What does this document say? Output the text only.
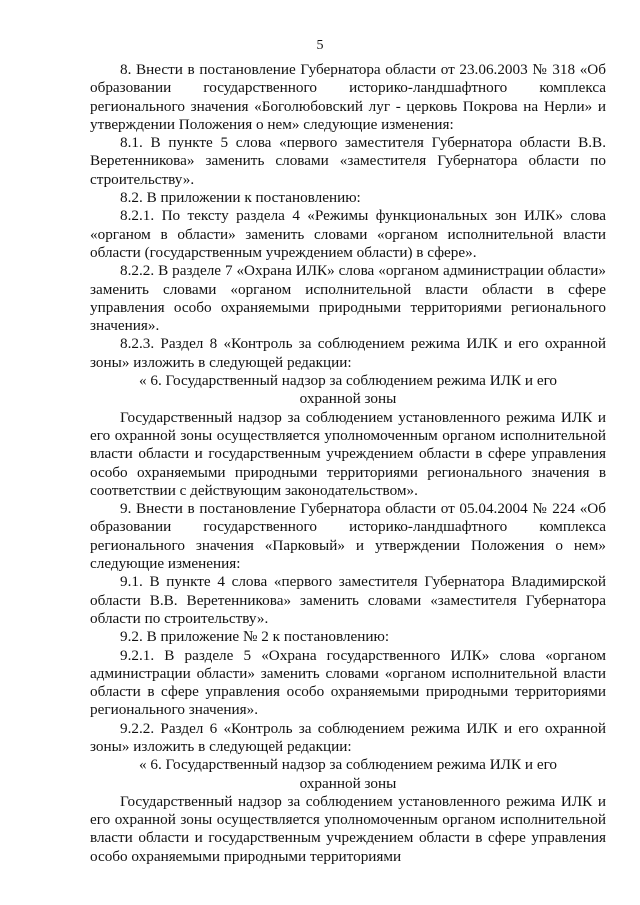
5

8. Внести в постановление Губернатора области от 23.06.2003 № 318 «Об образовании государственного историко-ландшафтного комплекса регионального значения «Боголюбовский луг - церковь Покрова на Нерли» и утверждении Положения о нем» следующие изменения:

8.1. В пункте 5 слова «первого заместителя Губернатора области В.В. Веретенникова» заменить словами «заместителя Губернатора области по строительству».

8.2. В приложении к постановлению:

8.2.1. По тексту раздела 4 «Режимы функциональных зон ИЛК» слова «органом в области» заменить словами «органом исполнительной власти области (государственным учреждением области) в сфере».

8.2.2. В разделе 7 «Охрана ИЛК» слова «органом администрации области» заменить словами «органом исполнительной власти области в сфере управления особо охраняемыми природными территориями регионального значения».

8.2.3. Раздел 8 «Контроль за соблюдением режима ИЛК и его охранной зоны» изложить в следующей редакции:

« 6. Государственный надзор за соблюдением режима ИЛК и его

охранной зоны

Государственный надзор за соблюдением установленного режима ИЛК и его охранной зоны осуществляется уполномоченным органом исполнительной власти области и государственным учреждением области в сфере управления особо охраняемыми природными территориями регионального значения в соответствии с действующим законодательством».

9. Внести в постановление Губернатора области от 05.04.2004 № 224 «Об образовании государственного историко-ландшафтного комплекса регионального значения «Парковый» и утверждении Положения о нем» следующие изменения:

9.1. В пункте 4 слова «первого заместителя Губернатора Владимирской области В.В. Веретенникова» заменить словами «заместителя Губернатора области по строительству».

9.2. В приложение № 2 к постановлению:

9.2.1. В разделе 5 «Охрана государственного ИЛК» слова «органом администрации области» заменить словами «органом исполнительной власти области в сфере управления особо охраняемыми природными территориями регионального значения».

9.2.2. Раздел 6 «Контроль за соблюдением режима ИЛК и его охранной зоны» изложить в следующей редакции:

« 6. Государственный надзор за соблюдением режима ИЛК и его

охранной зоны

Государственный надзор за соблюдением установленного режима ИЛК и его охранной зоны осуществляется уполномоченным органом исполнительной власти области и государственным учреждением области в сфере управления особо охраняемыми природными территориями
